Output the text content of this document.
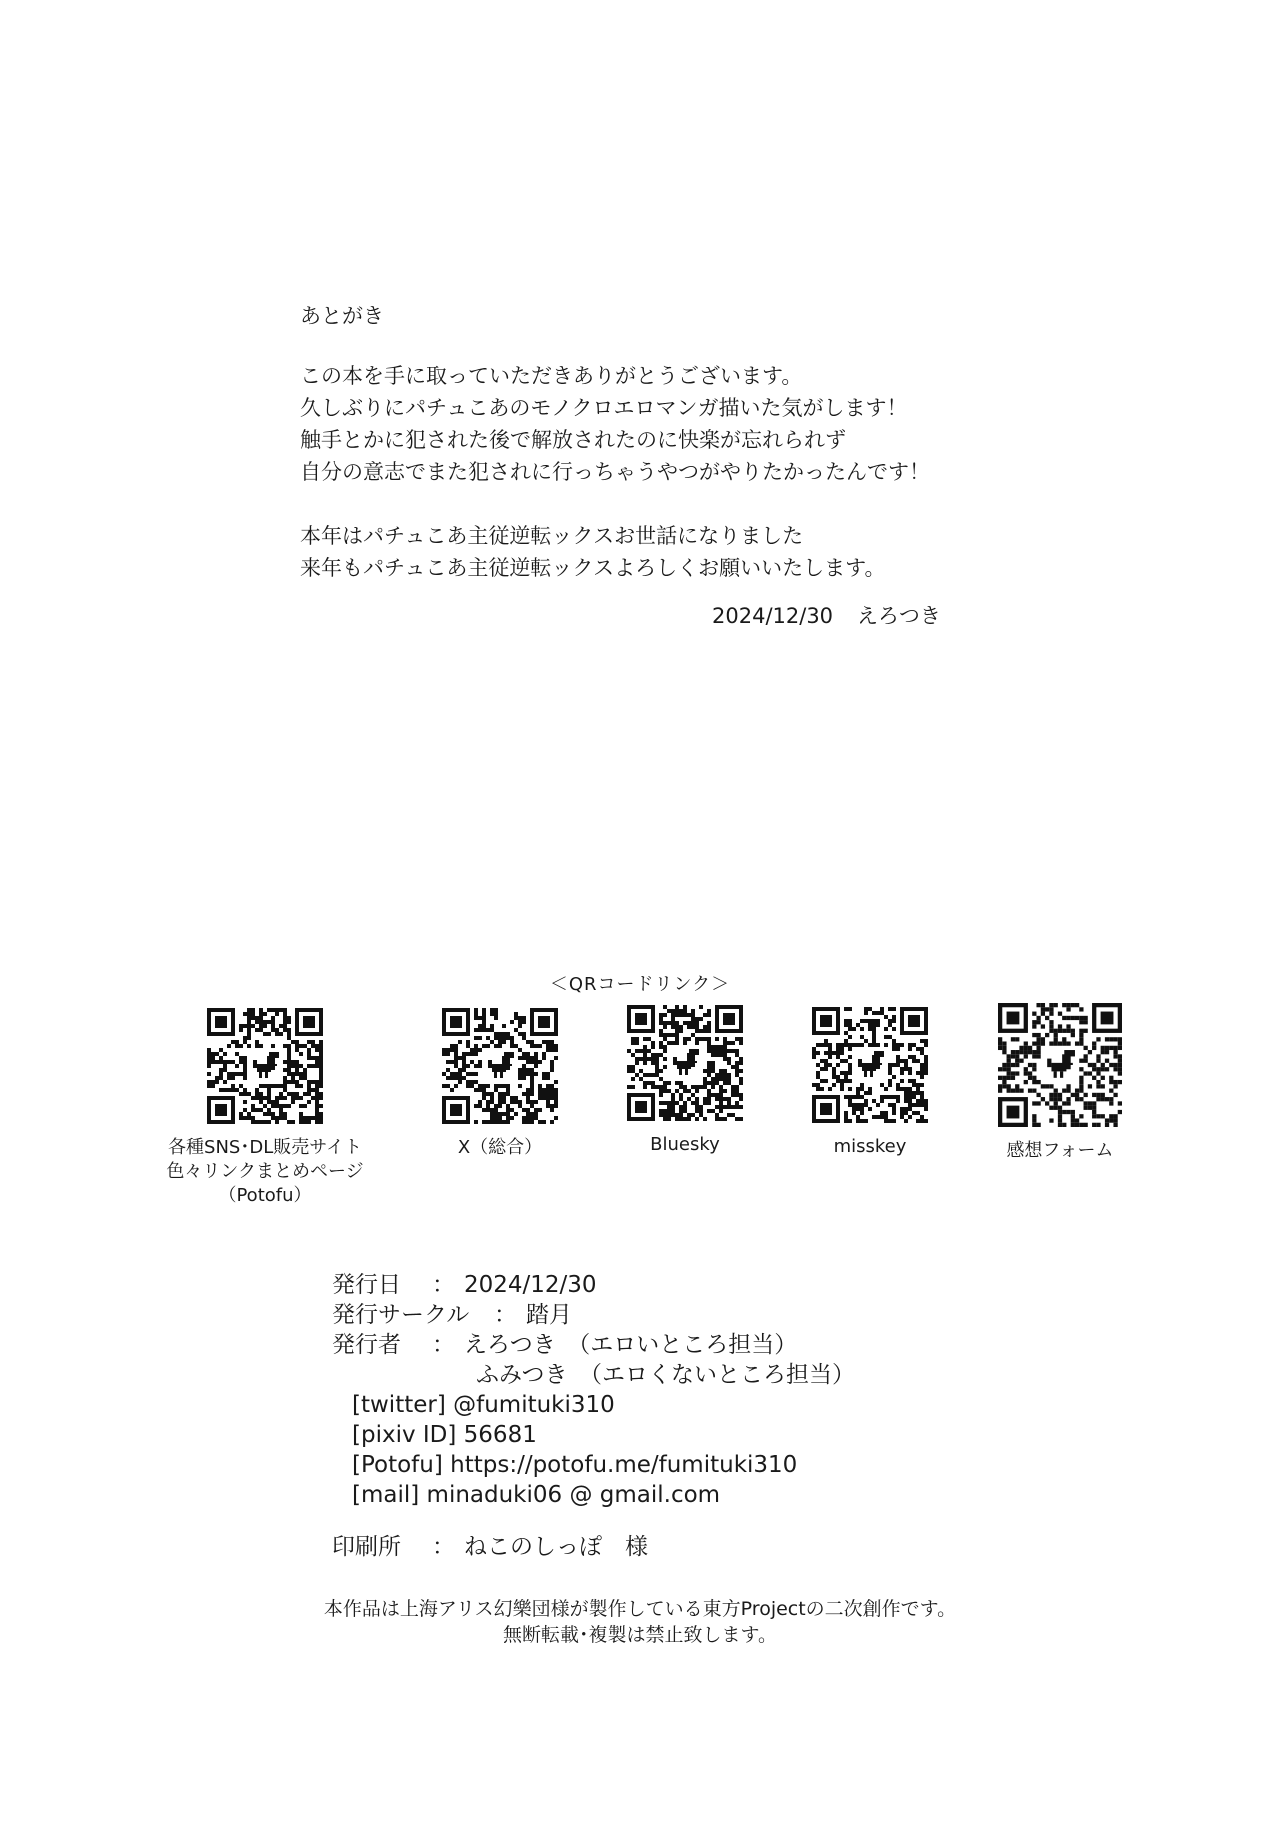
あとがき
この本を手に取っていただきありがとうございます。
久しぶりにパチュこあのモノクロエロマンガ描いた気がします！
触手とかに犯された後で解放されたのに快楽が忘れられず
自分の意志でまた犯されに行っちゃうやつがやりたかったんです！
本年はパチュこあ主従逆転ックスお世話になりました
来年もパチュこあ主従逆転ックスよろしくお願いいたします。
2024/12/30 えろつき
＜QRコードリンク＞
各種SNS･DL販売サイト
色々リンクまとめページ
（Potofu）
X（総合）	Bluesky	misskey	感想フォーム
発行日 ： 2024/12/30
発行サークル ： 踏月
発行者 ： えろつき　（エロいところ担当）
ふみつき　（エロくないところ担当）
[twitter] @fumituki310
[pixiv ID] 56681
[Potofu] https://potofu.me/fumituki310
[mail] minaduki06 @ gmail.com
印刷所 ： ねこのしっぽ　様
本作品は上海アリス幻樂団様が製作している東方Projectの二次創作です。
無断転載･複製は禁止致します。
